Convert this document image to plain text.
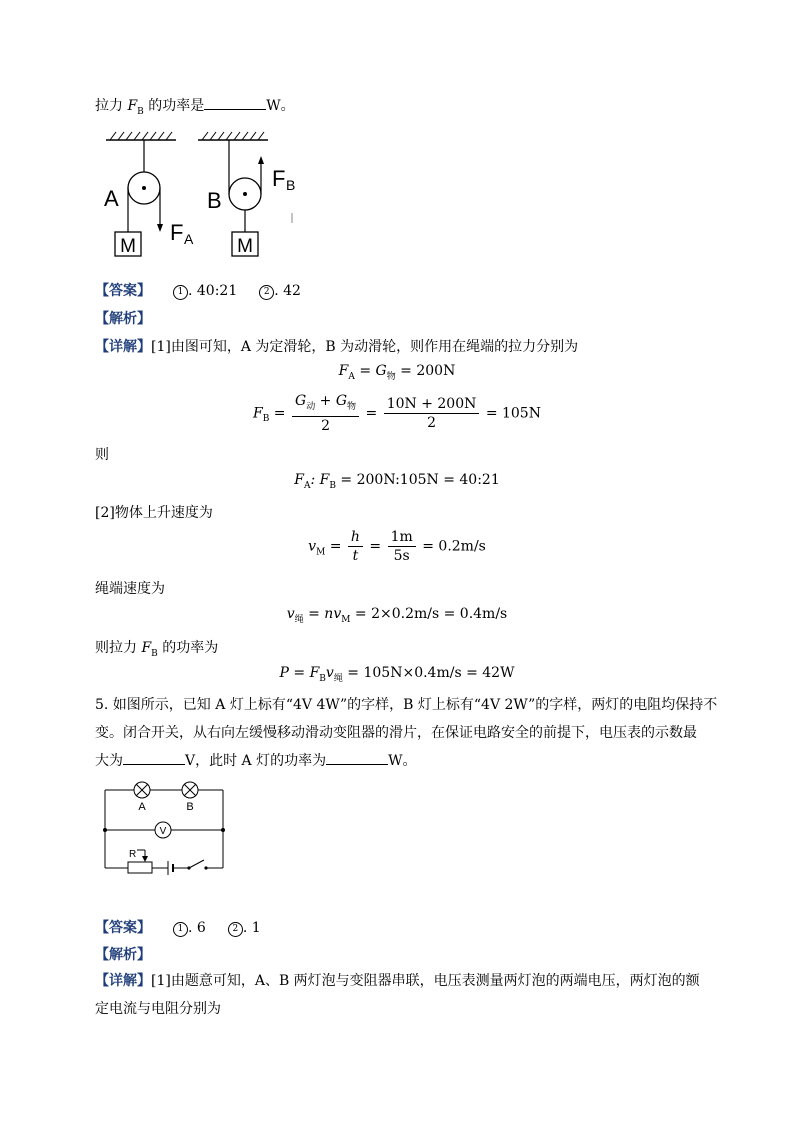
拉力 $F_B$ 的功率是	W。
M
A
F A M
B
F B
【答案】	1 . 40:21	2 . 42
【解析】
【详解】[1]由图可知，A 为定滑轮，B 为动滑轮，则作用在绳端的拉力分别为
$F_A = G_物 = 200N$
$F_B = \frac{G_动 + G_物}{2} = \frac{10N + 200N}{2} = 105N$
则
$F_A$: $F_B$ = 200N:105N = 40:21
[2]物体上升速度为
$v_M = \frac{h}{t} = \frac{1m}{5s} = 0.2m/s$
绳端速度为
$v_绳 = nv_M = 2\times 0.2m/s = 0.4m/s$
则拉力 $F_B$ 的功率为
$P = F_Bv_绳 = 105N\times 0.4m/s = 42W$
5. 如图所示，已知 A 灯上标有“4V 4W”的字样，B 灯上标有“4V 2W”的字样，两灯的电阻均保持不
变。闭合开关，从右向左缓慢移动滑动变阻器的滑片，在保证电路安全的前提下，电压表的示数最
大为	V，此时 A 灯的功率为	W。
A	B
V
R
【答案】	1 . 6	2 . 1
【解析】
【详解】[1]由题意可知，A、B 两灯泡与变阻器串联，电压表测量两灯泡的两端电压，两灯泡的额
定电流与电阻分别为
